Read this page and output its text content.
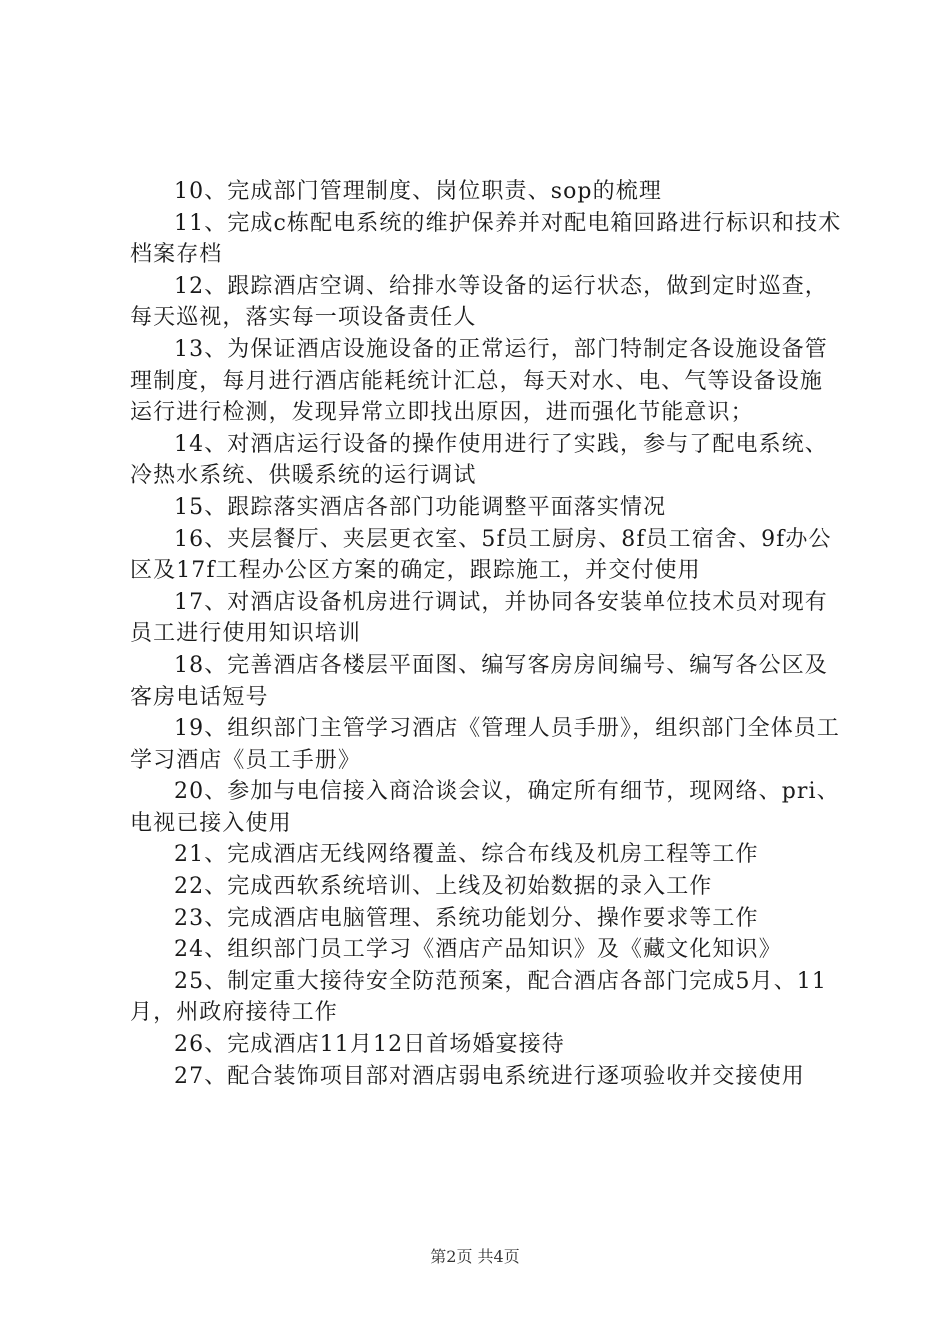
10、完成部门管理制度、岗位职责、sop的梳理

11、完成c栋配电系统的维护保养并对配电箱回路进行标识和技术档案存档

12、跟踪酒店空调、给排水等设备的运行状态，做到定时巡查，每天巡视，落实每一项设备责任人

13、为保证酒店设施设备的正常运行，部门特制定各设施设备管理制度，每月进行酒店能耗统计汇总，每天对水、电、气等设备设施运行进行检测，发现异常立即找出原因，进而强化节能意识；

14、对酒店运行设备的操作使用进行了实践，参与了配电系统、冷热水系统、供暖系统的运行调试

15、跟踪落实酒店各部门功能调整平面落实情况

16、夹层餐厅、夹层更衣室、5f员工厨房、8f员工宿舍、9f办公区及17f工程办公区方案的确定，跟踪施工，并交付使用

17、对酒店设备机房进行调试，并协同各安装单位技术员对现有员工进行使用知识培训

18、完善酒店各楼层平面图、编写客房房间编号、编写各公区及客房电话短号

19、组织部门主管学习酒店《管理人员手册》，组织部门全体员工学习酒店《员工手册》

20、参加与电信接入商洽谈会议，确定所有细节，现网络、pri、电视已接入使用

21、完成酒店无线网络覆盖、综合布线及机房工程等工作

22、完成西软系统培训、上线及初始数据的录入工作

23、完成酒店电脑管理、系统功能划分、操作要求等工作

24、组织部门员工学习《酒店产品知识》及《藏文化知识》

25、制定重大接待安全防范预案，配合酒店各部门完成5月、11月，州政府接待工作

26、完成酒店11月12日首场婚宴接待

27、配合装饰项目部对酒店弱电系统进行逐项验收并交接使用

第2页 共4页
